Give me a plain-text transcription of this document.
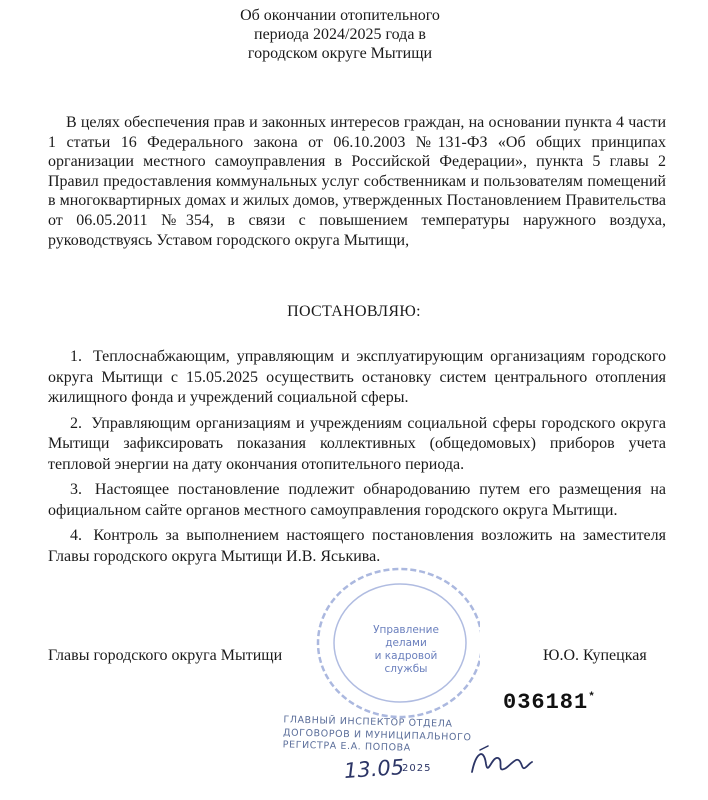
Об окончании отопительного
периода 2024/2025 года в
городском округе Мытищи

В целях обеспечения прав и законных интересов граждан, на основании пункта 4 части 1 статьи 16 Федерального закона от 06.10.2003 №131-ФЗ «Об общих принципах организации местного самоуправления в Российской Федерации», пункта 5 главы 2 Правил предоставления коммунальных услуг собственникам и пользователям помещений в многоквартирных домах и жилых домов, утвержденных Постановлением Правительства от 06.05.2011 №354, в связи с повышением температуры наружного воздуха, руководствуясь Уставом городского округа Мытищи,

ПОСТАНОВЛЯЮ:

1. Теплоснабжающим, управляющим и эксплуатирующим организациям городского округа Мытищи с 15.05.2025 осуществить остановку систем центрального отопления жилищного фонда и учреждений социальной сферы.

2. Управляющим организациям и учреждениям социальной сферы городского округа Мытищи зафиксировать показания коллективных (общедомовых) приборов учета тепловой энергии на дату окончания отопительного периода.

3. Настоящее постановление подлежит обнародованию путем его размещения на официальном сайте органов местного самоуправления городского округа Мытищи.

4. Контроль за выполнением настоящего постановления возложить на заместителя Главы городского округа Мытищи И.В. Яськива.

Управление
делами
и кадровой
службы
Главы городского округа Мытищи	Ю.О. Купецкая
036181*
ГЛАВНЫЙ ИНСПЕКТОР ОТДЕЛА
ДОГОВОРОВ И МУНИЦИПАЛЬНОГО
РЕГИСТРА Е.А. ПОПОВА
13.05
2025
